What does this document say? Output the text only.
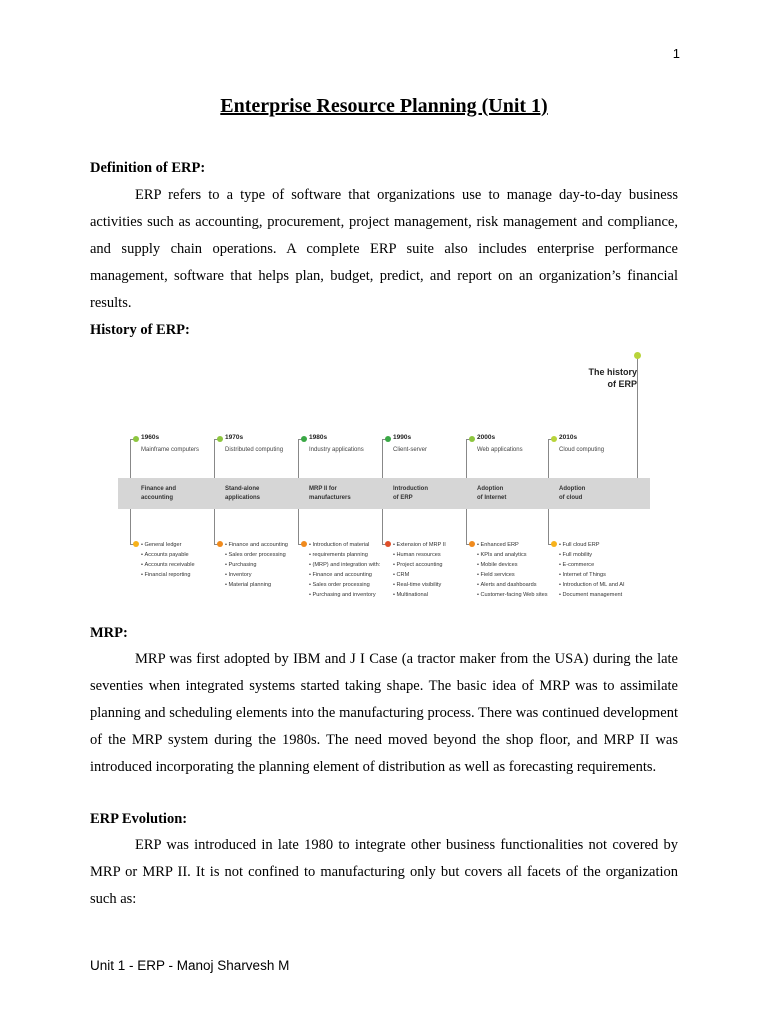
1
Enterprise Resource Planning (Unit 1)
Definition of ERP:

ERP refers to a type of software that organizations use to manage day-to-day business activities such as accounting, procurement, project management, risk management and compliance, and supply chain operations. A complete ERP suite also includes enterprise performance management, software that helps plan, budget, predict, and report on an organization’s financial results.

History of ERP:
The history
of ERP
1960s
Mainframe computers
Finance and
accounting
• General ledger
• Accounts payable
• Accounts receivable
• Financial reporting
1970s
Distributed computing
Stand-alone
applications
• Finance and accounting
• Sales order processing
• Purchasing
• Inventory
• Material planning
1980s
Industry applications
MRP II for
manufacturers
• Introduction of material
• requirements planning
• (MRP) and integration with:
• Finance and accounting
• Sales order processing
• Purchasing and inventory
1990s
Client-server
Introduction
of ERP
• Extension of MRP II
• Human resources
• Project accounting
• CRM
• Real-time visibility
• Multinational
2000s
Web applications
Adoption
of Internet
• Enhanced ERP
• KPIs and analytics
• Mobile devices
• Field services
• Alerts and dashboards
• Customer-facing Web sites
2010s
Cloud computing
Adoption
of cloud
• Full cloud ERP
• Full mobility
• E-commerce
• Internet of Things
• Introduction of ML and AI
• Document management
MRP:

MRP was first adopted by IBM and J I Case (a tractor maker from the USA) during the late seventies when integrated systems started taking shape. The basic idea of MRP was to assimilate planning and scheduling elements into the manufacturing process. There was continued development of the MRP system during the 1980s. The need moved beyond the shop floor, and MRP II was introduced incorporating the planning element of distribution as well as forecasting requirements.

ERP Evolution:

ERP was introduced in late 1980 to integrate other business functionalities not covered by MRP or MRP II. It is not confined to manufacturing only but covers all facets of the organization such as:

Unit 1 - ERP - Manoj Sharvesh M
